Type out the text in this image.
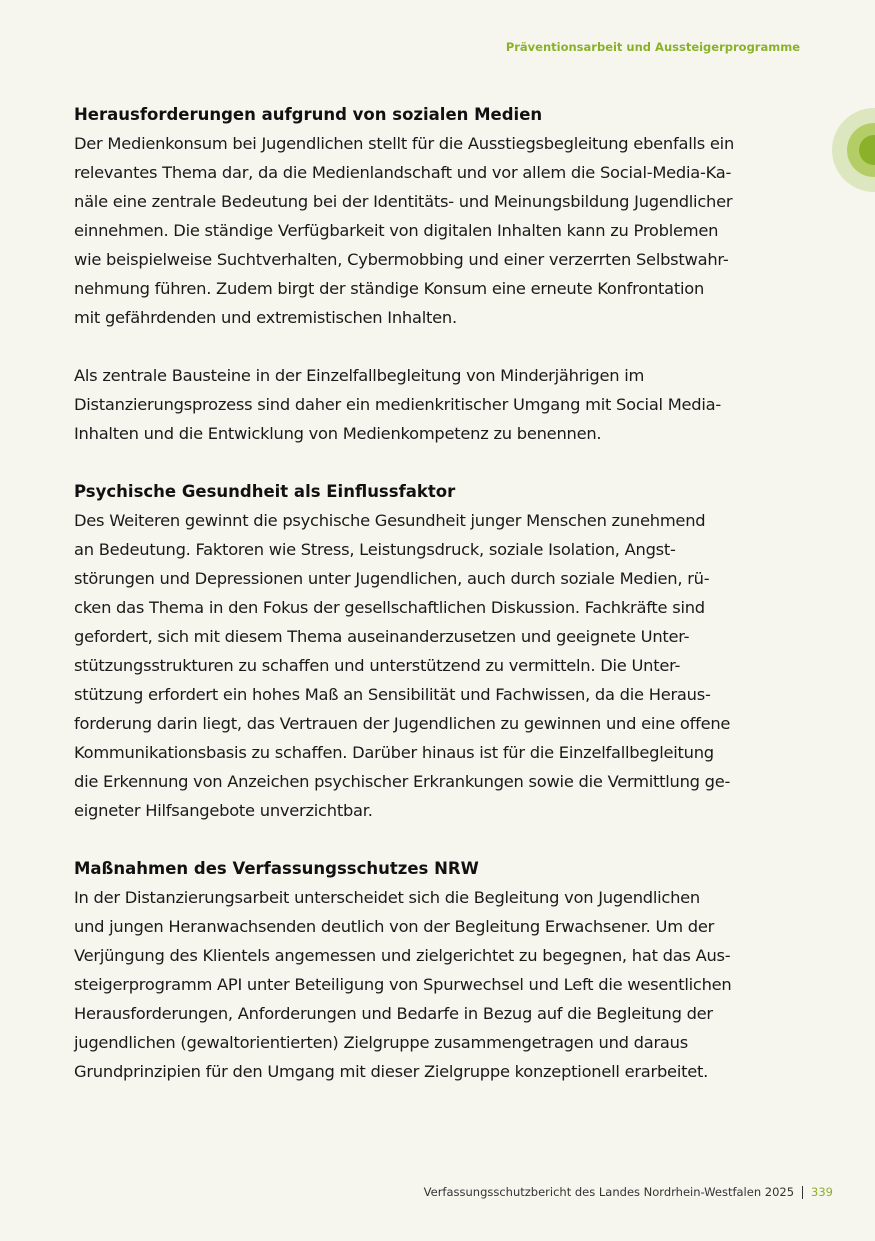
Präventionsarbeit und Aussteigerprogramme
Herausforderungen aufgrund von sozialen Medien

Der Medienkonsum bei Jugendlichen stellt für die Ausstiegsbegleitung ebenfalls ein
relevantes Thema dar, da die Medienlandschaft und vor allem die Social-Media-Ka-
näle eine zentrale Bedeutung bei der Identitäts- und Meinungsbildung Jugendlicher
einnehmen. Die ständige Verfügbarkeit von digitalen Inhalten kann zu Problemen
wie beispielweise Suchtverhalten, Cybermobbing und einer verzerrten Selbstwahr-
nehmung führen. Zudem birgt der ständige Konsum eine erneute Konfrontation
mit gefährdenden und extremistischen Inhalten.

Als zentrale Bausteine in der Einzelfallbegleitung von Minderjährigen im
Distanzierungsprozess sind daher ein medienkritischer Umgang mit Social Media-
Inhalten und die Entwicklung von Medienkompetenz zu benennen.

Psychische Gesundheit als Einflussfaktor

Des Weiteren gewinnt die psychische Gesundheit junger Menschen zunehmend
an Bedeutung. Faktoren wie Stress, Leistungsdruck, soziale Isolation, Angst-
störungen und Depressionen unter Jugendlichen, auch durch soziale Medien, rü-
cken das Thema in den Fokus der gesellschaftlichen Diskussion. Fachkräfte sind
gefordert, sich mit diesem Thema auseinanderzusetzen und geeignete Unter-
stützungsstrukturen zu schaffen und unterstützend zu vermitteln. Die Unter-
stützung erfordert ein hohes Maß an Sensibilität und Fachwissen, da die Heraus-
forderung darin liegt, das Vertrauen der Jugendlichen zu gewinnen und eine offene
Kommunikationsbasis zu schaffen. Darüber hinaus ist für die Einzelfallbegleitung
die Erkennung von Anzeichen psychischer Erkrankungen sowie die Vermittlung ge-
eigneter Hilfsangebote unverzichtbar.

Maßnahmen des Verfassungsschutzes NRW

In der Distanzierungsarbeit unterscheidet sich die Begleitung von Jugendlichen
und jungen Heranwachsenden deutlich von der Begleitung Erwachsener. Um der
Verjüngung des Klientels angemessen und zielgerichtet zu begegnen, hat das Aus-
steigerprogramm API unter Beteiligung von Spurwechsel und Left die wesentlichen
Herausforderungen, Anforderungen und Bedarfe in Bezug auf die Begleitung der
jugendlichen (gewaltorientierten) Zielgruppe zusammengetragen und daraus
Grundprinzipien für den Umgang mit dieser Zielgruppe konzeptionell erarbeitet.

Verfassungsschutzbericht des Landes Nordrhein-Westfalen 2025 339
